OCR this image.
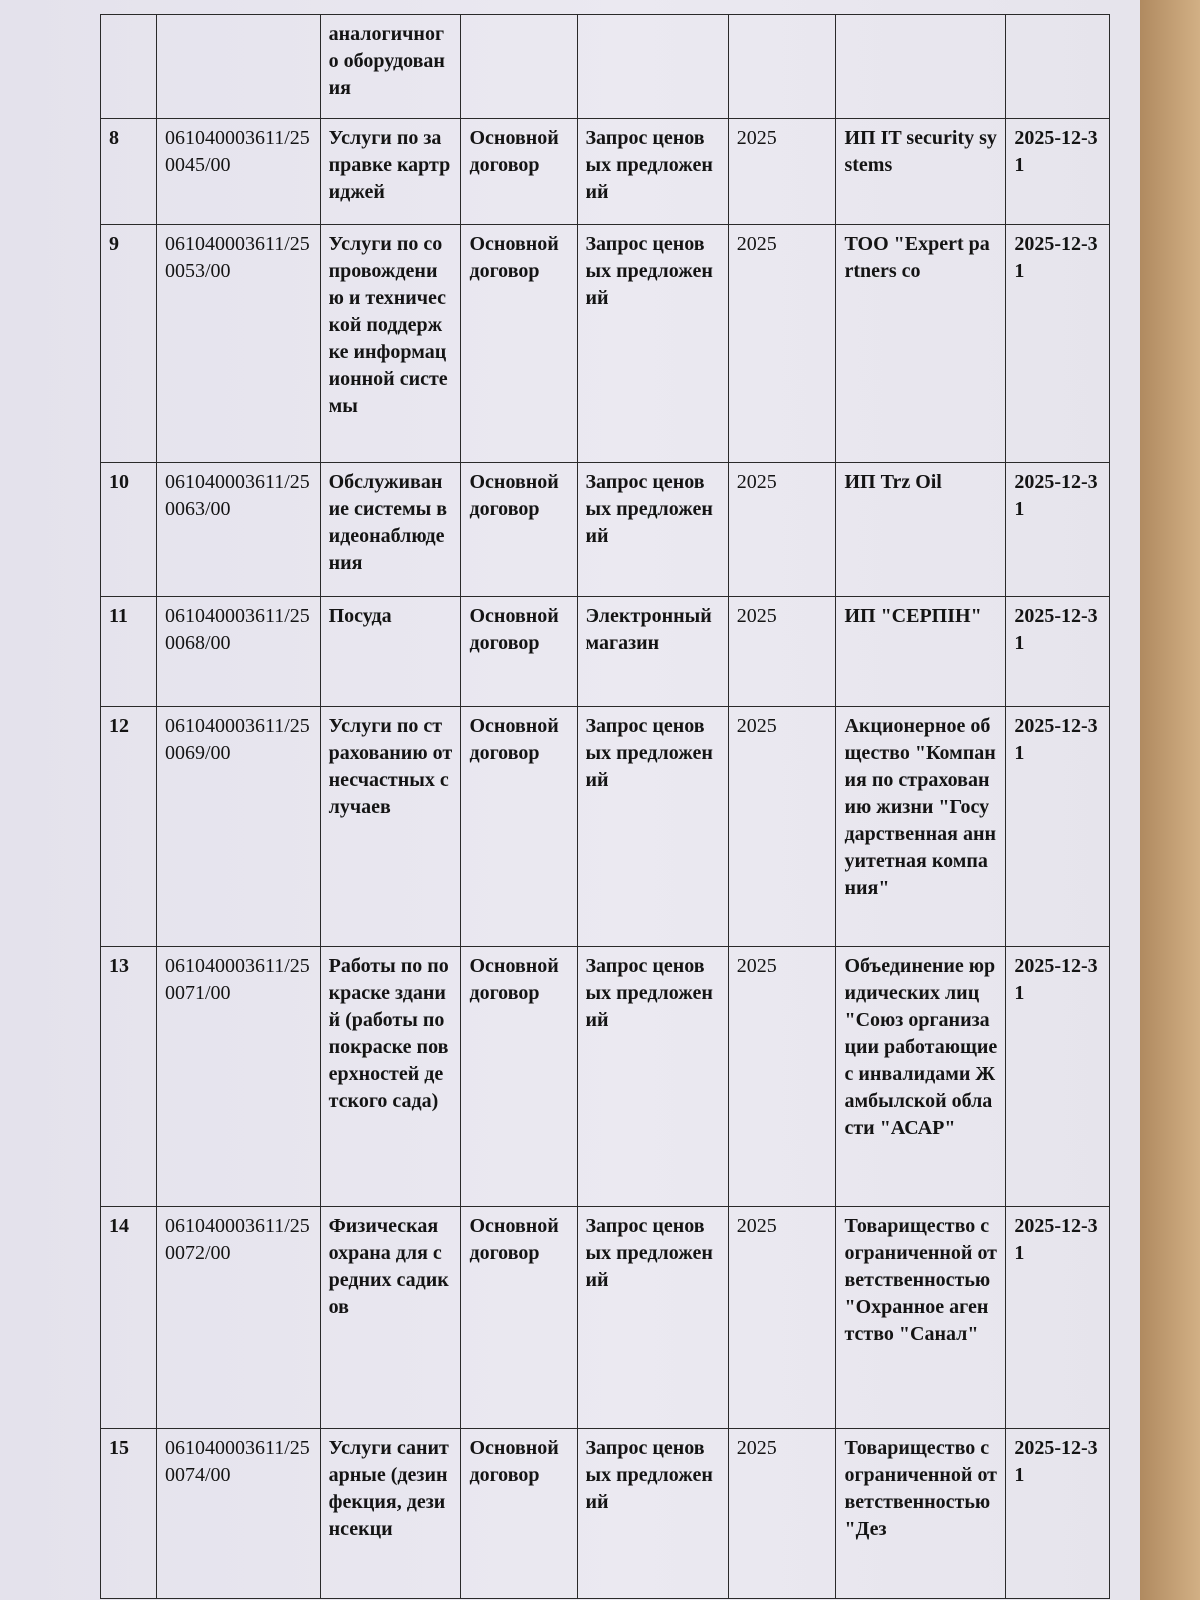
		аналогичного оборудования					
8	061040003611/250045/00	Услуги по заправке картриджей	Основной договор	Запрос ценовых предложений	2025	ИП IT security systems	2025-12-31
9	061040003611/250053/00	Услуги по сопровождению и технической поддержке информационной системы	Основной договор	Запрос ценовых предложений	2025	ТОО "Expert partners co	2025-12-31
10	061040003611/250063/00	Обслуживание системы видеонаблюдения	Основной договор	Запрос ценовых предложений	2025	ИП Trz Oil	2025-12-31
11	061040003611/250068/00	Посуда	Основной договор	Электронный магазин	2025	ИП "СЕРПІН"	2025-12-31
12	061040003611/250069/00	Услуги по страхованию от несчастных случаев	Основной договор	Запрос ценовых предложений	2025	Акционерное общество "Компания по страхованию жизни "Государственная аннуитетная компания"	2025-12-31
13	061040003611/250071/00	Работы по покраске зданий (работы по покраске поверхностей детского сада)	Основной договор	Запрос ценовых предложений	2025	Объединение юридических лиц "Союз организации работающие с инвалидами Жамбылской области "АСАР"	2025-12-31
14	061040003611/250072/00	Физическая охрана для средних садиков	Основной договор	Запрос ценовых предложений	2025	Товарищество с ограниченной ответственностью "Охранное агентство "Санал"	2025-12-31
15	061040003611/250074/00	Услуги санитарные (дезинфекция, дезинсекци	Основной договор	Запрос ценовых предложений	2025	Товарищество с ограниченной ответственностью "Дез	2025-12-31
